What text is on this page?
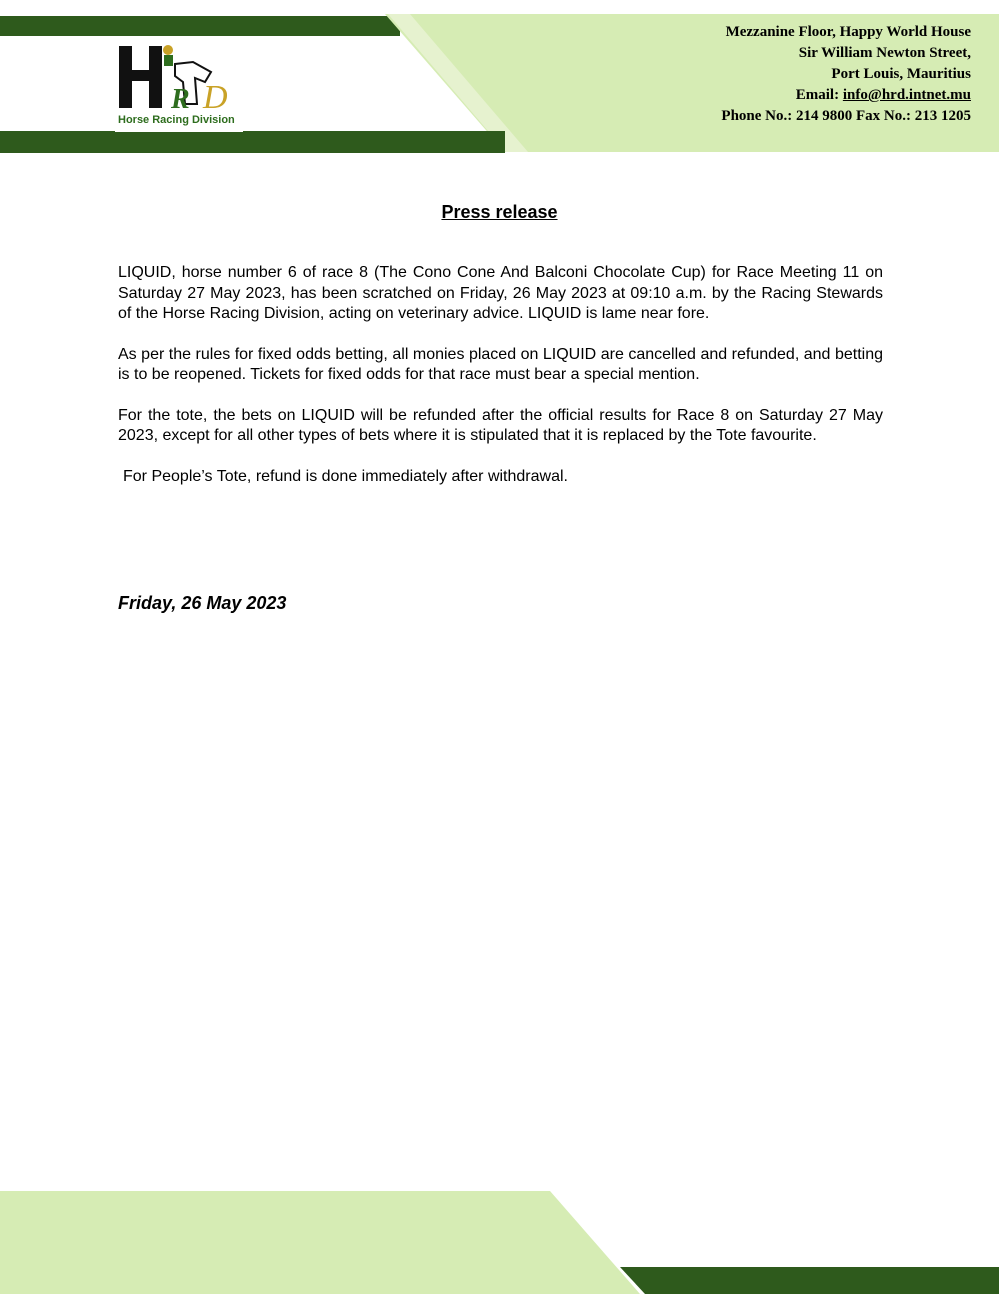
R D
Horse Racing Division
Mezzanine Floor, Happy World House
Sir William Newton Street,
Port Louis, Mauritius
Email: info@hrd.intnet.mu
Phone No.: 214 9800 Fax No.: 213 1205
Press release

LIQUID, horse number 6 of race 8 (The Cono Cone And Balconi Chocolate Cup) for Race Meeting 11 on Saturday 27 May 2023, has been scratched on Friday, 26 May 2023 at 09:10 a.m. by the Racing Stewards of the Horse Racing Division, acting on veterinary advice. LIQUID is lame near fore.

As per the rules for fixed odds betting, all monies placed on LIQUID are cancelled and refunded, and betting is to be reopened. Tickets for fixed odds for that race must bear a special mention.

For the tote, the bets on LIQUID will be refunded after the official results for Race 8 on Saturday 27 May 2023, except for all other types of bets where it is stipulated that it is replaced by the Tote favourite.

For People’s Tote, refund is done immediately after withdrawal.

Friday, 26 May 2023
